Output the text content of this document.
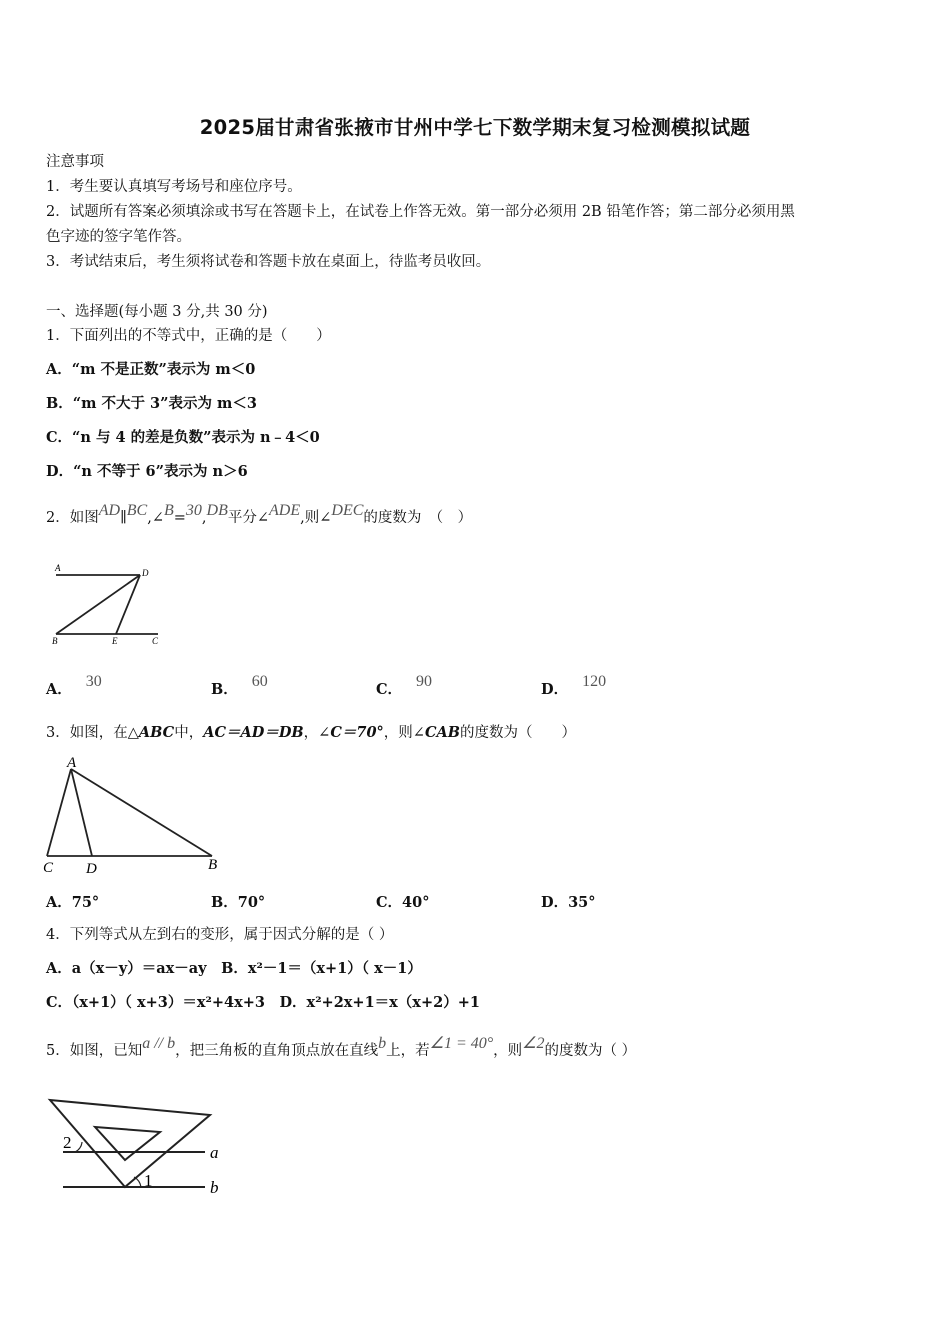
2025届甘肃省张掖市甘州中学七下数学期末复习检测模拟试题
注意事项
1．考生要认真填写考场号和座位序号。
2．试题所有答案必须填涂或书写在答题卡上，在试卷上作答无效。第一部分必须用 2B 铅笔作答；第二部分必须用黑
色字迹的签字笔作答。
3．考试结束后，考生须将试卷和答题卡放在桌面上，待监考员收回。
一、选择题(每小题 3 分,共 30 分)
1．下面列出的不等式中，正确的是（　　）
A．“m 不是正数”表示为 m＜0
B．“m 不大于 3”表示为 m＜3
C．“n 与 4 的差是负数”表示为 n﹣4＜0
D．“n 不等于 6”表示为 n＞6
2．如图AD∥BC,∠B=30,DB平分∠ADE,则∠DEC的度数为　（　）
A	D
B	E	C
A． 30	B． 60	C． 90	D． 120
3．如图，在△ABC中，AC＝AD＝DB，∠C＝70°，则∠CAB的度数为（　　）
A
C D	B
A．75°	B．70°	C．40°	D．35°
4．下列等式从左到右的变形，属于因式分解的是（ ）
A．a（x－y）＝ax－ay　B．x²－1＝（x+1）（ x－1）
C．（x+1）（ x+3）＝x²+4x+3　D．x²+2x+1＝x（x+2）+1
5．如图，已知a // b，把三角板的直角顶点放在直线b上，若∠1 = 40°，则∠2的度数为（ ）
2
1
a
b
